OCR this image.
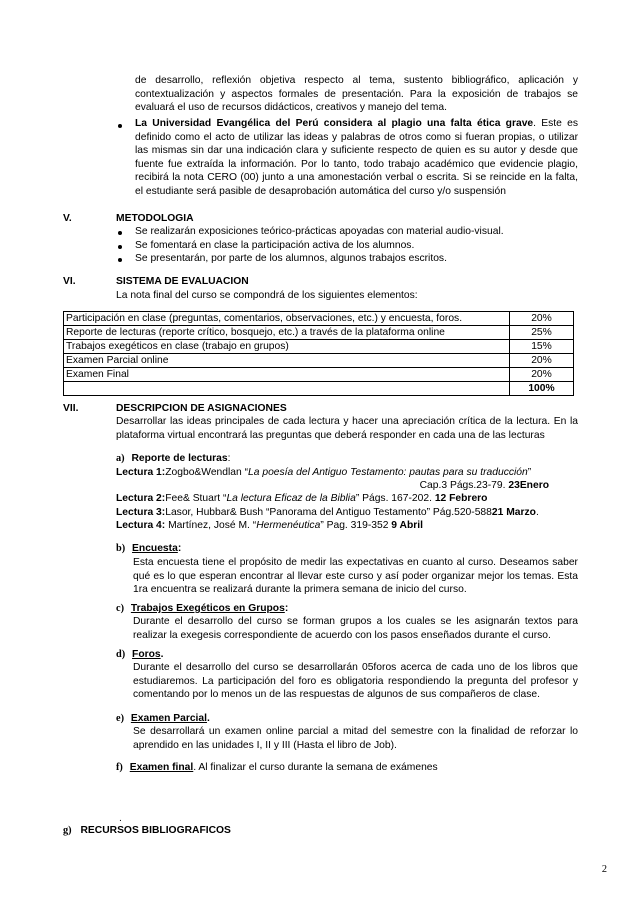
de desarrollo, reflexión objetiva respecto al tema, sustento bibliográfico, aplicación y contextualización y aspectos formales de presentación. Para la exposición de trabajos se evaluará el uso de recursos didácticos, creativos y manejo del tema.
La Universidad Evangélica del Perú considera al plagio una falta ética grave. Este es definido como el acto de utilizar las ideas y palabras de otros como si fueran propias, o utilizar las mismas sin dar una indicación clara y suficiente respecto de quien es su autor y desde que fuente fue extraída la información. Por lo tanto, todo trabajo académico que evidencie plagio, recibirá la nota CERO (00) junto a una amonestación verbal o escrita. Si se reincide en la falta, el estudiante será pasible de desaprobación automática del curso y/o suspensión
V.	METODOLOGIA
Se realizarán exposiciones teórico-prácticas apoyadas con material audio-visual.
Se fomentará en clase la participación activa de los alumnos.
Se presentarán, por parte de los alumnos, algunos trabajos escritos.
VI.	SISTEMA DE EVALUACION
La nota final del curso se compondrá de los siguientes elementos:
Participación en clase (preguntas, comentarios, observaciones, etc.) y encuesta, foros.	20%
Reporte de lecturas (reporte crítico, bosquejo, etc.) a través de la plataforma online	25%
Trabajos exegéticos en clase (trabajo en grupos)	15%
Examen Parcial online	20%
Examen Final	20%
	100%
VII.	DESCRIPCION DE ASIGNACIONES
Desarrollar las ideas principales de cada lectura y hacer una apreciación crítica de la lectura. En la plataforma virtual encontrará las preguntas que deberá responder en cada una de las lecturas
a) Reporte de lecturas:
Lectura 1:Zogbo&Wendlan “La poesía del Antiguo Testamento: pautas para su traducción”
Cap.3 Págs.23-79. 23Enero
Lectura 2:Fee& Stuart “La lectura Eficaz de la Biblia” Págs. 167-202. 12 Febrero
Lectura 3:Lasor, Hubbar& Bush “Panorama del Antiguo Testamento” Pág.520-58821 Marzo.
Lectura 4: Martínez, José M. “Hermenéutica” Pag. 319-352 9 Abril
b) Encuesta:
Esta encuesta tiene el propósito de medir las expectativas en cuanto al curso. Deseamos saber qué es lo que esperan encontrar al llevar este curso y así poder organizar mejor los temas. Esta 1ra encuentra se realizará durante la primera semana de inicio del curso.
c) Trabajos Exegéticos en Grupos:
Durante el desarrollo del curso se forman grupos a los cuales se les asignarán textos para realizar la exegesis correspondiente de acuerdo con los pasos enseñados durante el curso.
d) Foros.
Durante el desarrollo del curso se desarrollarán 05foros acerca de cada uno de los libros que estudiaremos. La participación del foro es obligatoria respondiendo la pregunta del profesor y comentando por lo menos un de las respuestas de algunos de sus compañeros de clase.
e) Examen Parcial.
Se desarrollará un examen online parcial a mitad del semestre con la finalidad de reforzar lo aprendido en las unidades I, II y III (Hasta el libro de Job).
f) Examen final. Al finalizar el curso durante la semana de exámenes
.
g) RECURSOS BIBLIOGRAFICOS
2
